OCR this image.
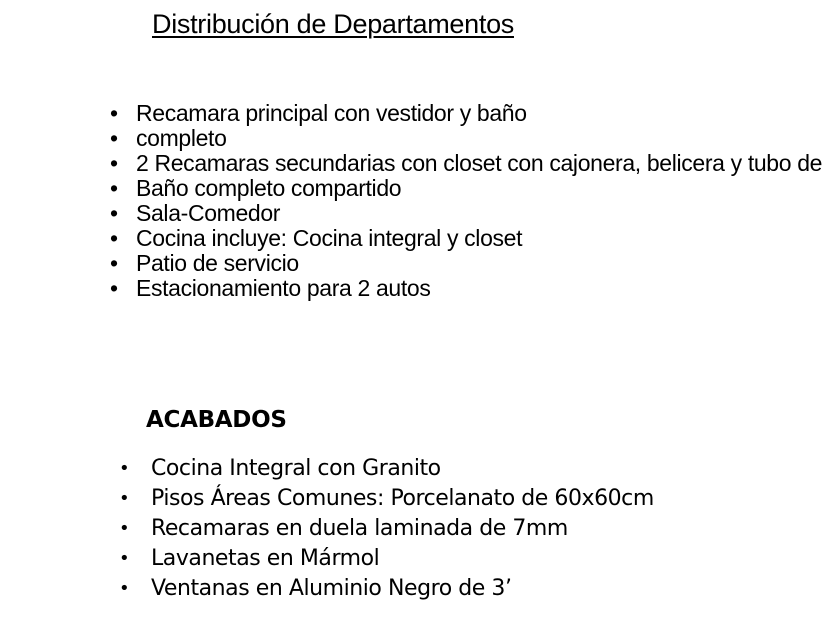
Distribución de Departamentos
• Recamara principal con vestidor y baño
• completo
• 2 Recamaras secundarias con closet con cajonera, belicera y tubo de
• Baño completo compartido
• Sala-Comedor
• Cocina incluye: Cocina integral y closet
• Patio de servicio
• Estacionamiento para 2 autos
ACABADOS
• Cocina Integral con Granito
• Pisos Áreas Comunes: Porcelanato de 60x60cm
• Recamaras en duela laminada de 7mm
• Lavanetas en Mármol
• Ventanas en Aluminio Negro de 3’
